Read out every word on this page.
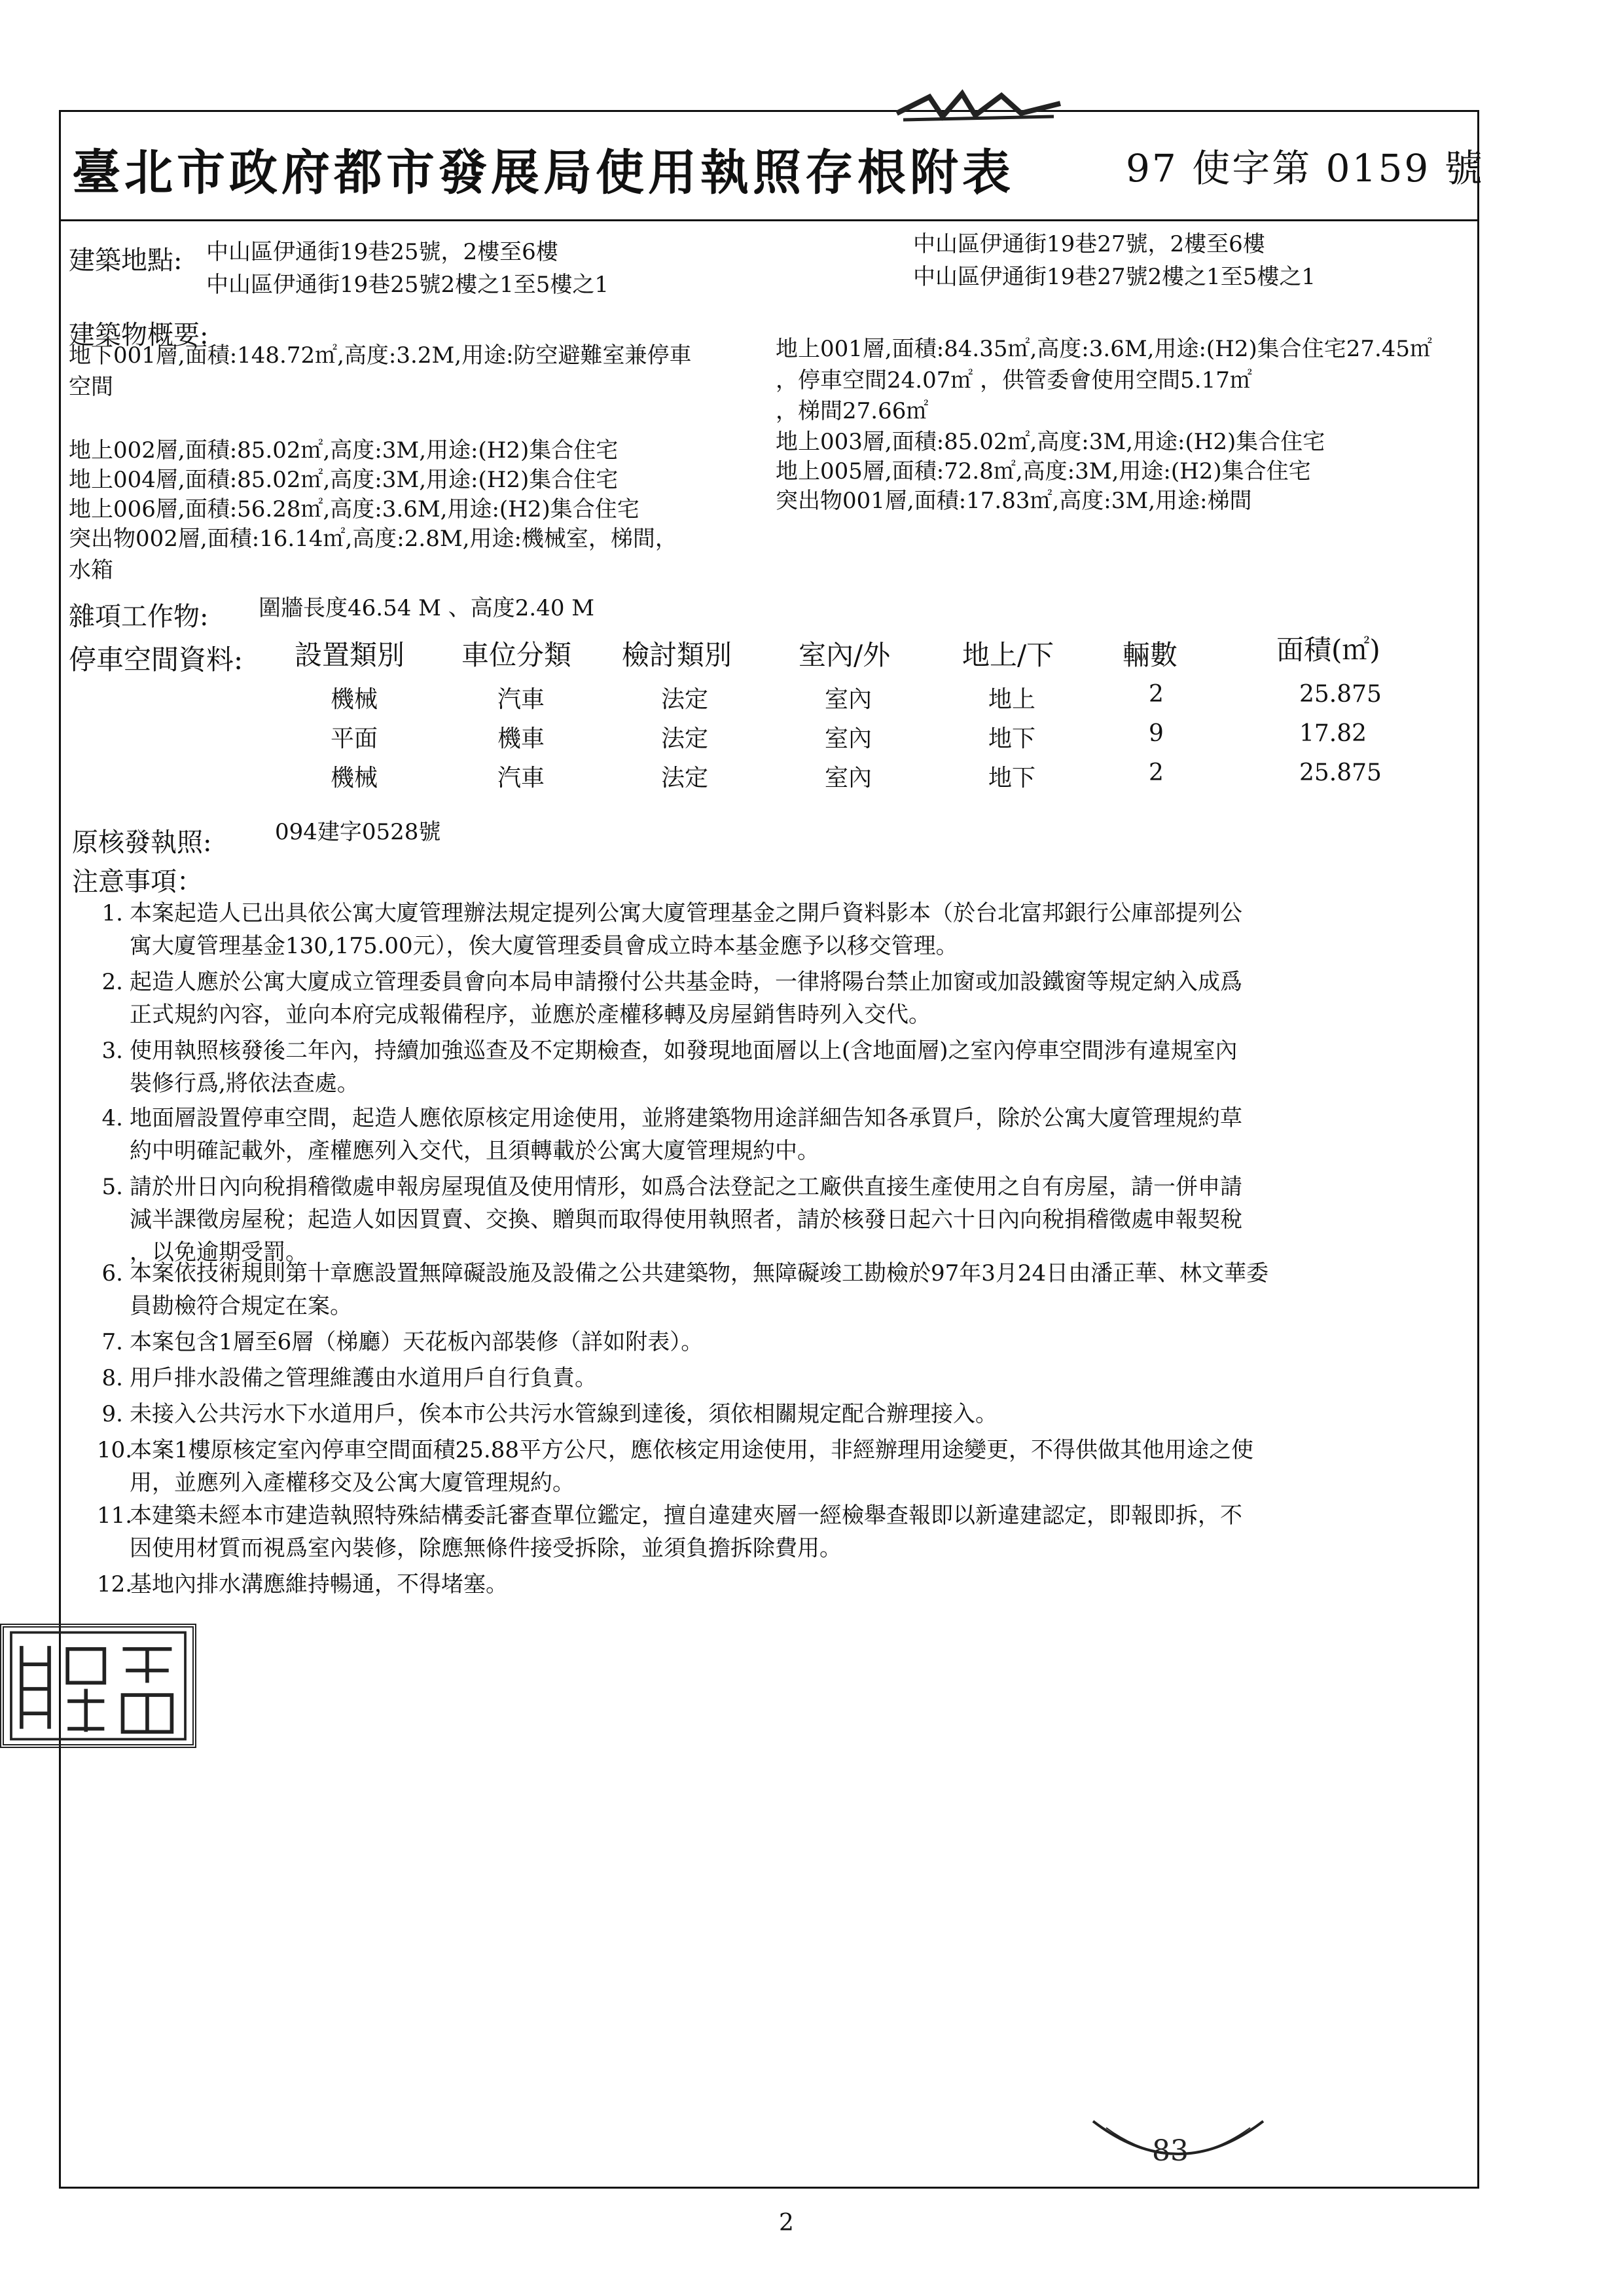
83
臺北市政府都市發展局使用執照存根附表	97 使字第 0159 號
建築地點: 中山區伊通街19巷25號，2樓至6樓
中山區伊通街19巷25號2樓之1至5樓之1
中山區伊通街19巷27號，2樓至6樓
中山區伊通街19巷27號2樓之1至5樓之1
建築物概要:
地下001層,面積:148.72㎡,高度:3.2M,用途:防空避難室兼停車
空間
地上002層,面積:85.02㎡,高度:3M,用途:(H2)集合住宅
地上004層,面積:85.02㎡,高度:3M,用途:(H2)集合住宅
地上006層,面積:56.28㎡,高度:3.6M,用途:(H2)集合住宅
突出物002層,面積:16.14㎡,高度:2.8M,用途:機械室，梯間，
水箱
地上001層,面積:84.35㎡,高度:3.6M,用途:(H2)集合住宅27.45㎡
，停車空間24.07㎡ ，供管委會使用空間5.17㎡
，梯間27.66㎡
地上003層,面積:85.02㎡,高度:3M,用途:(H2)集合住宅
地上005層,面積:72.8㎡,高度:3M,用途:(H2)集合住宅
突出物001層,面積:17.83㎡,高度:3M,用途:梯間
雜項工作物: 圍牆長度46.54 M 、高度2.40 M
停車空間資料: 設置類別 車位分類 檢討類別 室內/外	地上/下 輛數	面積(㎡)
機械	汽車	法定	室內	地上	2	25.875
平面	機車	法定	室內	地下	9	17.82
機械	汽車	法定	室內	地下	2	25.875
原核發執照:	094建字0528號
注意事項：
1. 本案起造人已出具依公寓大廈管理辦法規定提列公寓大廈管理基金之開戶資料影本（於台北富邦銀行公庫部提列公
寓大廈管理基金130,175.00元），俟大廈管理委員會成立時本基金應予以移交管理。
2. 起造人應於公寓大廈成立管理委員會向本局申請撥付公共基金時，一律將陽台禁止加窗或加設鐵窗等規定納入成爲
正式規約內容，並向本府完成報備程序，並應於產權移轉及房屋銷售時列入交代。
3. 使用執照核發後二年內，持續加強巡查及不定期檢查，如發現地面層以上(含地面層)之室內停車空間涉有違規室內
裝修行爲,將依法查處。
4. 地面層設置停車空間，起造人應依原核定用途使用，並將建築物用途詳細告知各承買戶，除於公寓大廈管理規約草
約中明確記載外，產權應列入交代，且須轉載於公寓大廈管理規約中。
5. 請於卅日內向稅捐稽徵處申報房屋現值及使用情形，如爲合法登記之工廠供直接生產使用之自有房屋，請一併申請
減半課徵房屋稅；起造人如因買賣、交換、贈與而取得使用執照者，請於核發日起六十日內向稅捐稽徵處申報契稅
，以免逾期受罰。
6. 本案依技術規則第十章應設置無障礙設施及設備之公共建築物，無障礙竣工勘檢於97年3月24日由潘正華、林文華委
員勘檢符合規定在案。
7. 本案包含1層至6層（梯廳）天花板內部裝修（詳如附表）。
8. 用戶排水設備之管理維護由水道用戶自行負責。
9. 未接入公共污水下水道用戶，俟本市公共污水管線到達後，須依相關規定配合辦理接入。
10.
本案1樓原核定室內停車空間面積25.88平方公尺，應依核定用途使用，非經辦理用途變更，不得供做其他用途之使
用，並應列入產權移交及公寓大廈管理規約。
11.
本建築未經本市建造執照特殊結構委託審查單位鑑定，擅自違建夾層一經檢舉查報即以新違建認定，即報即拆，不
因使用材質而視爲室內裝修，除應無條件接受拆除，並須負擔拆除費用。
12.
基地內排水溝應維持暢通，不得堵塞。
2
